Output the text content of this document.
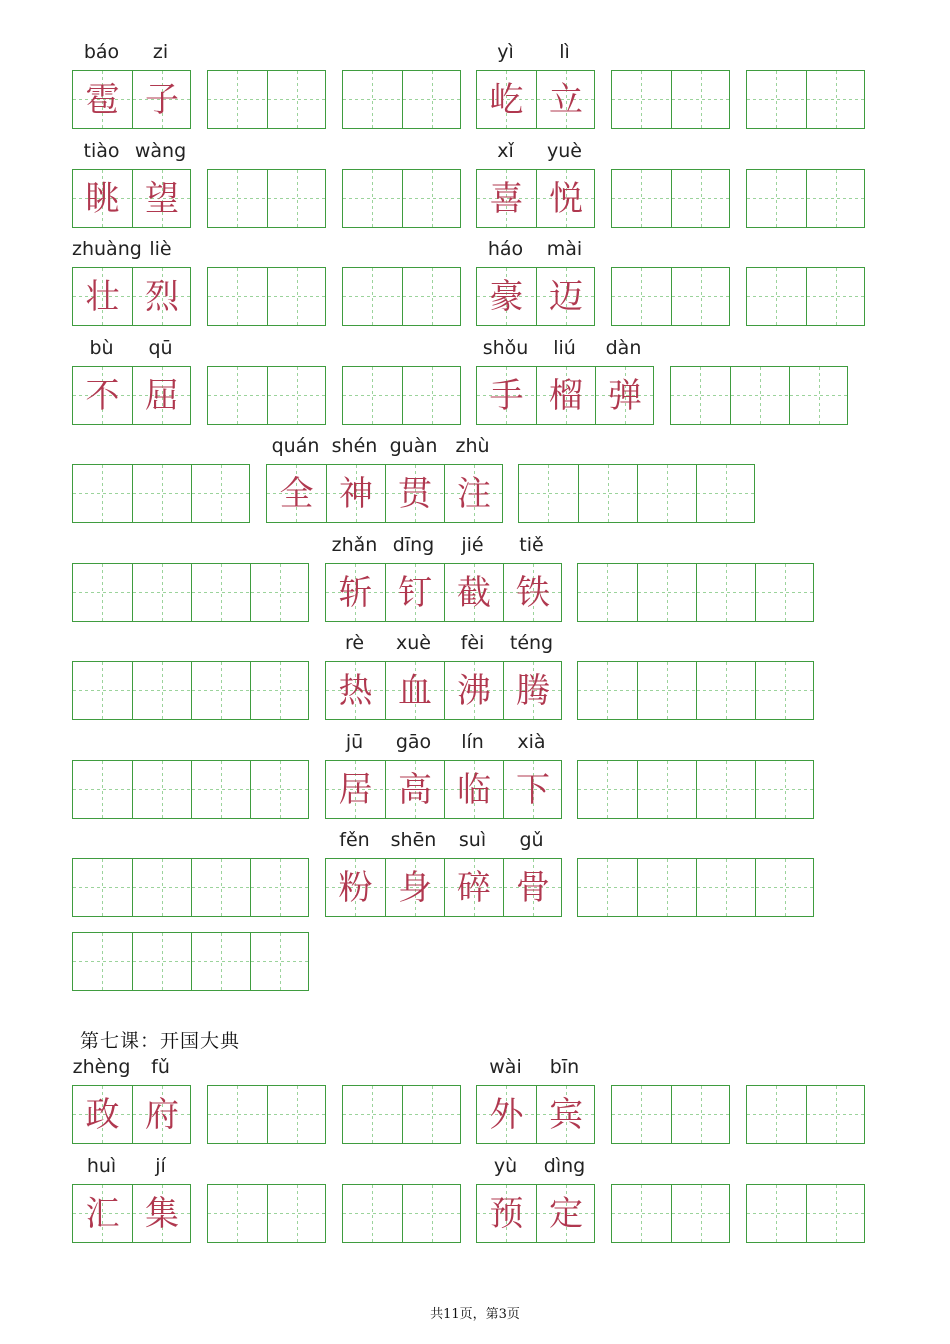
雹 子
báo	zi
屹 立
yì	lì
眺 望
tiào wàng
喜 悦
xǐ	yuè
壮 烈
zhuàng liè
豪 迈
háo	mài
不 屈
bù	qū
手 榴 弹
shǒu	liú	dàn
全 神 贯 注
quán shén guàn zhù
斩 钉 截 铁
zhǎn dīng	jié	tiě
热 血 沸 腾
rè	xuè	fèi	téng
居 高 临 下
jū	gāo	lín	xià
粉 身 碎 骨
fěn	shēn	suì	gǔ
政 府
zhèng	fǔ
外 宾
wài	bīn
汇 集
huì	jí
预 定
yù	dìng
第七课：开国大典
共11页，第3页
